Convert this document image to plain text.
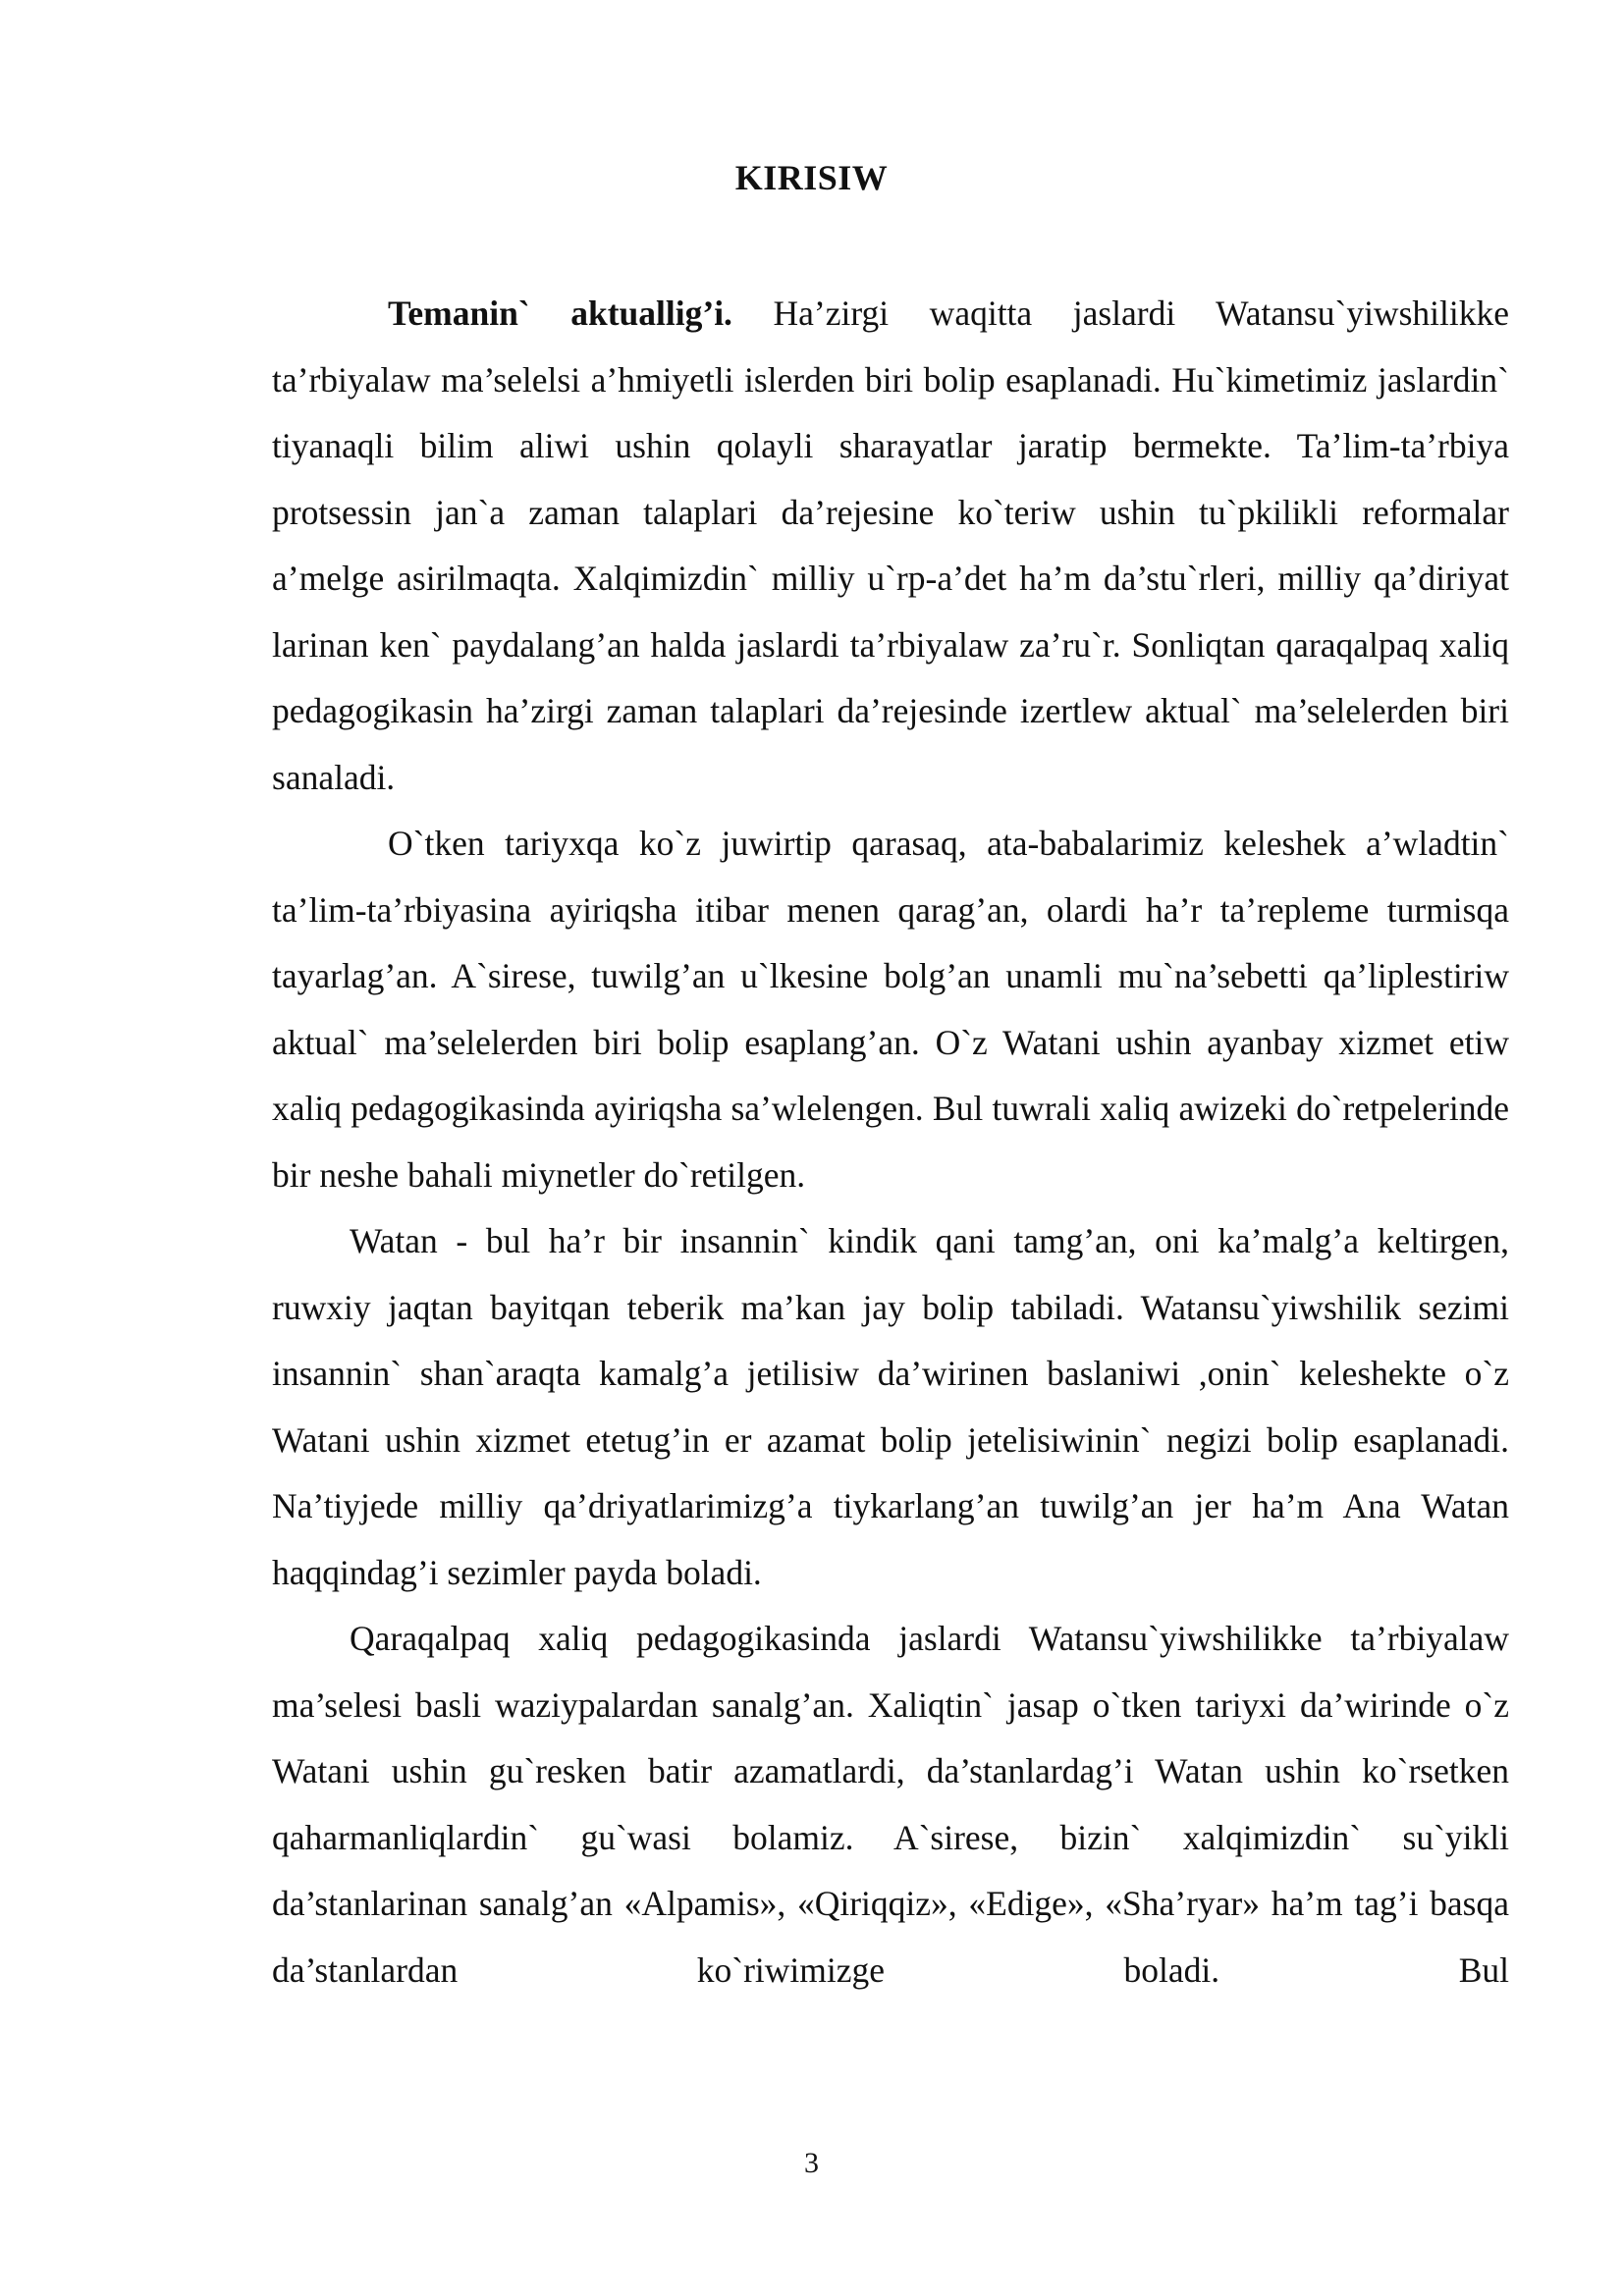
KIRISIW

Temanin` aktuallig’i. Ha’zirgi waqitta jaslardi Watansu`yiwshilikke ta’rbiyalaw ma’selelsi a’hmiyetli islerden biri bolip esaplanadi. Hu`kimetimiz jaslardin` tiyanaqli bilim aliwi ushin qolayli sharayatlar jaratip bermekte. Ta’lim-ta’rbiya protsessin jan`a zaman talaplari da’rejesine ko`teriw ushin tu`pkilikli reformalar a’melge asirilmaqta. Xalqimizdin` milliy u`rp-a’det ha’m da’stu`rleri, milliy qa’diriyat larinan ken` paydalang’an halda jaslardi ta’rbiyalaw za’ru`r. Sonliqtan qaraqalpaq xaliq pedagogikasin ha’zirgi zaman talaplari da’rejesinde izertlew aktual` ma’selelerden biri sanaladi.

O`tken tariyxqa ko`z juwirtip qarasaq, ata-babalarimiz keleshek a’wladtin` ta’lim-ta’rbiyasina ayiriqsha itibar menen qarag’an, olardi ha’r ta’repleme turmisqa tayarlag’an. A`sirese, tuwilg’an u`lkesine bolg’an unamli mu`na’sebetti qa’liplestiriw aktual` ma’selelerden biri bolip esaplang’an. O`z Watani ushin ayanbay xizmet etiw xaliq pedagogikasinda ayiriqsha sa’wlelengen. Bul tuwrali xaliq awizeki do`retpelerinde bir neshe bahali miynetler do`retilgen.

Watan - bul ha’r bir insannin` kindik qani tamg’an, oni ka’malg’a keltirgen, ruwxiy jaqtan bayitqan teberik ma’kan jay bolip tabiladi. Watansu`yiwshilik sezimi insannin` shan`araqta kamalg’a jetilisiw da’wirinen baslaniwi ,onin` keleshekte o`z Watani ushin xizmet etetug’in er azamat bolip jetelisiwinin` negizi bolip esaplanadi. Na’tiyjede milliy qa’driyatlarimizg’a tiykarlang’an tuwilg’an jer ha’m Ana Watan haqqindag’i sezimler payda boladi.

Qaraqalpaq xaliq pedagogikasinda jaslardi Watansu`yiwshilikke ta’rbiyalaw ma’selesi basli waziypalardan sanalg’an. Xaliqtin` jasap o`tken tariyxi da’wirinde o`z Watani ushin gu`resken batir azamatlardi, da’stanlardag’i Watan ushin ko`rsetken qaharmanliqlardin` gu`wasi bolamiz. A`sirese, bizin` xalqimizdin` su`yikli da’stanlarinan sanalg’an «Alpamis», «Qiriqqiz», «Edige», «Sha’ryar» ha’m tag’i basqa da’stanlardan ko`riwimizge boladi. Bul

3
